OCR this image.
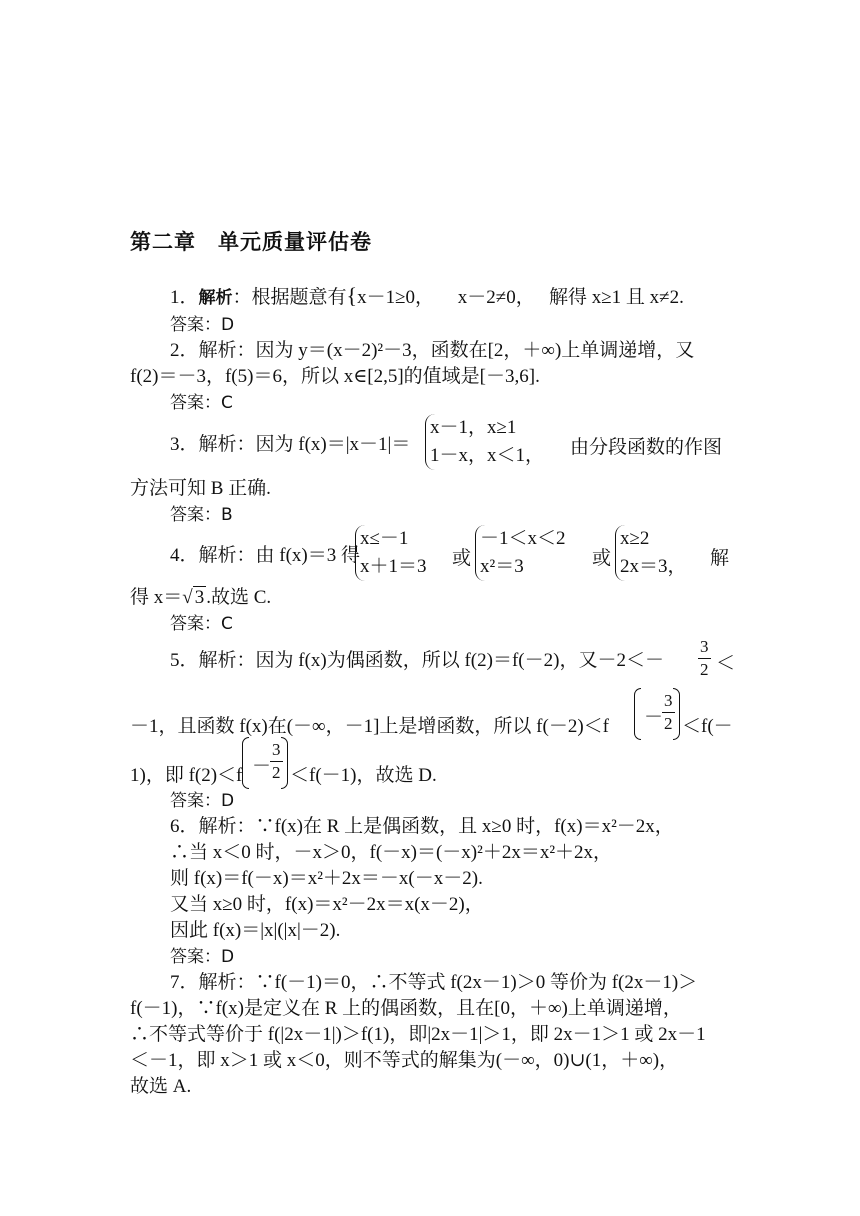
第二章　单元质量评估卷
1．解析：根据题意有{x－1≥0， x－2≠0， 解得 x≥1 且 x≠2.
答案：D
2．解析：因为 y＝(x－2)²－3，函数在[2，＋∞)上单调递增，又
f(2)＝－3，f(5)＝6，所以 x∈[2,5]的值域是[－3,6].
答案：C
3．解析：因为 f(x)＝|x－1|＝
x－1，x≥1
1－x，x＜1， 由分段函数的作图
方法可知 B 正确.
答案：B
4．解析：由 f(x)＝3 得
x≤－1
x＋1＝3 或
－1＜x＜2
x²＝3	或
x≥2
2x＝3， 解
得 x＝√ 3 .故选 C.
答案：C
5．解析：因为 f(x)为偶函数，所以 f(2)＝f(－2)，又$-2<- \frac{3}{2}$ ＜
－1，且函数 f(x)在(－∞，－1]上是增函数，所以 f(－2)＜f －
$\frac{3}{2} <f(-$
1)，即 f(2)＜f －
$\frac{3}{2} <f(-1)$，故选 D.
答案：D
6．解析：∵f(x)在 R 上是偶函数，且 x≥0 时，f(x)＝x²－2x，
∴当 x＜0 时，－x＞0，f(－x)＝(－x)²＋2x＝x²＋2x，
则 f(x)＝f(－x)＝x²＋2x＝－x(－x－2).
又当 x≥0 时，f(x)＝x²－2x＝x(x－2)，
因此 f(x)＝|x|(|x|－2).
答案：D
7．解析：∵f(－1)＝0，∴不等式 f(2x－1)＞0 等价为 f(2x－1)＞
f(－1)，∵f(x)是定义在 R 上的偶函数，且在[0，＋∞)上单调递增，
∴不等式等价于 f(|2x－1|)＞f(1)，即|2x－1|＞1，即 2x－1＞1 或 2x－1
＜－1，即 x＞1 或 x＜0，则不等式的解集为(－∞，0)∪(1，＋∞)，
故选 A.
